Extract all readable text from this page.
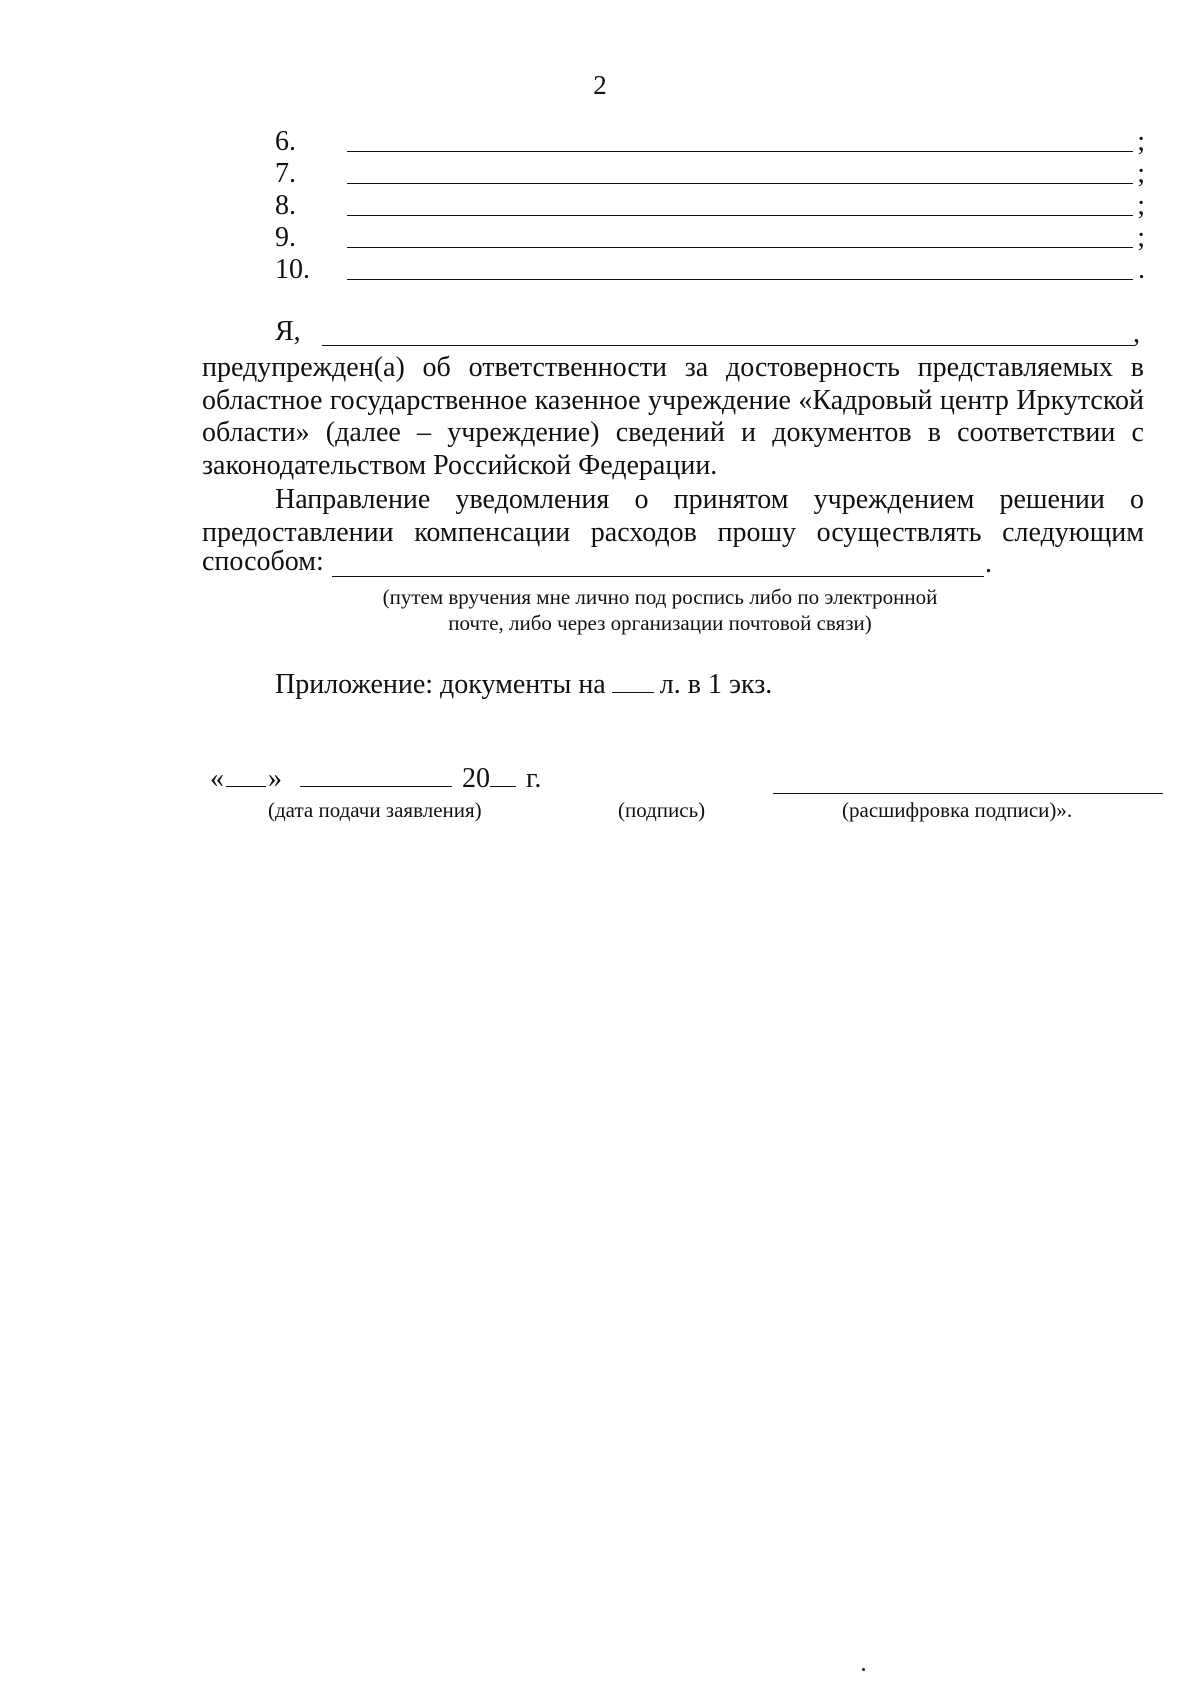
2
6.	;
7.	;
8.	;
9.	;
10.	.
Я,	,
предупрежден(а) об ответственности за достоверность представляемых в областное государственное казенное учреждение «Кадровый центр Иркутской области» (далее – учреждение) сведений и документов в соответствии с законодательством Российской Федерации.
Направление уведомления о принятом учреждением решении о предоставлении компенсации расходов прошу осуществлять следующим
способом:	.
(путем вручения мне лично под роспись либо по электронной
почте, либо через организации почтовой связи)
Приложение: документы на л. в 1 экз.
« »	20 г.
(дата подачи заявления)	(подпись)	(расшифровка подписи)».
